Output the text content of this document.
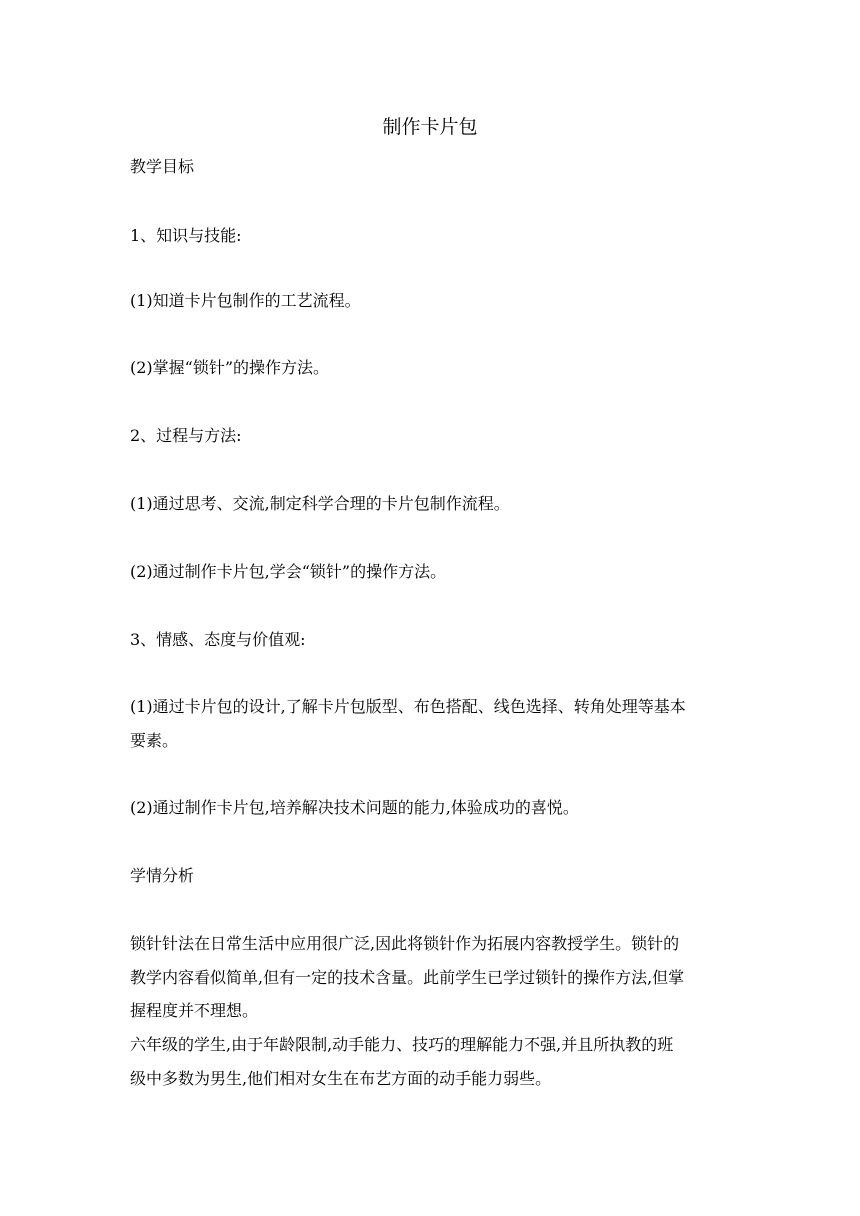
制作卡片包
教学目标
1、知识与技能:
(1)知道卡片包制作的工艺流程。
(2)掌握“锁针”的操作方法。
2、过程与方法:
(1)通过思考、交流,制定科学合理的卡片包制作流程。
(2)通过制作卡片包,学会“锁针”的操作方法。
3、情感、态度与价值观:
(1)通过卡片包的设计,了解卡片包版型、布色搭配、线色选择、转角处理等基本
要素。
(2)通过制作卡片包,培养解决技术问题的能力,体验成功的喜悦。
学情分析
锁针针法在日常生活中应用很广泛,因此将锁针作为拓展内容教授学生。锁针的
教学内容看似简单,但有一定的技术含量。此前学生已学过锁针的操作方法,但掌
握程度并不理想。
六年级的学生,由于年龄限制,动手能力、技巧的理解能力不强,并且所执教的班
级中多数为男生,他们相对女生在布艺方面的动手能力弱些。
